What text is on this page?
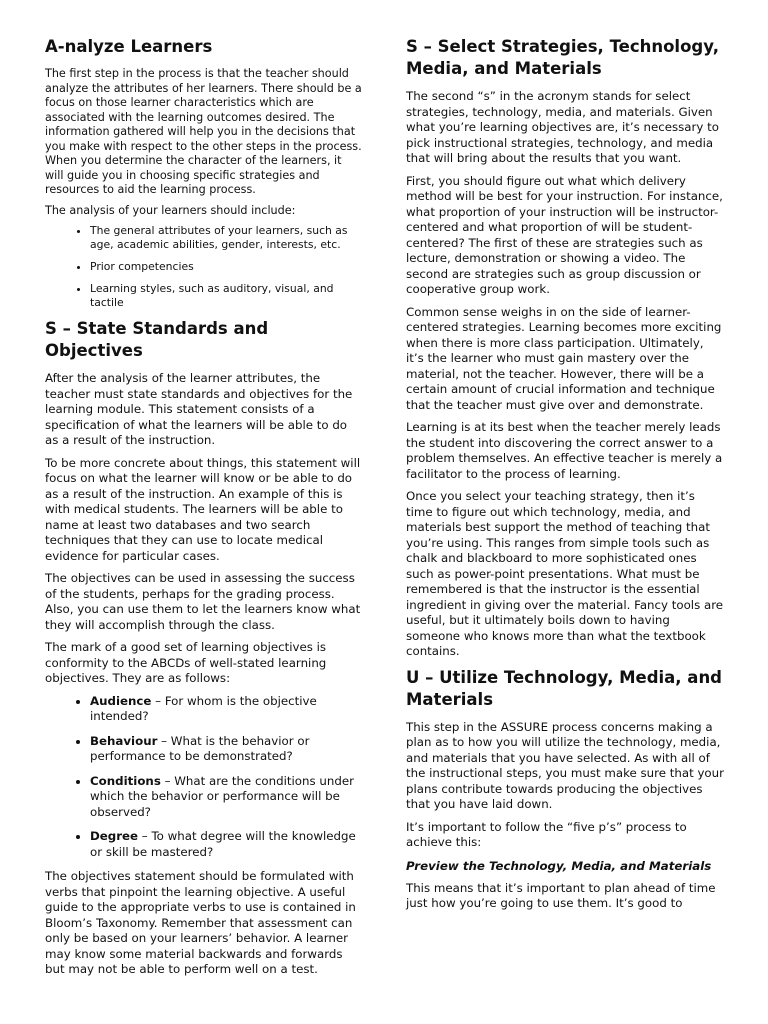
A-nalyze Learners

The first step in the process is that the teacher should analyze the attributes of her learners. There should be a focus on those learner characteristics which are associated with the learning outcomes desired. The information gathered will help you in the decisions that you make with respect to the other steps in the process. When you determine the character of the learners, it will guide you in choosing specific strategies and resources to aid the learning process.

The analysis of your learners should include:

• The general attributes of your learners, such as age, academic abilities, gender, interests, etc.
• Prior competencies
• Learning styles, such as auditory, visual, and tactile
S – State Standards and Objectives

After the analysis of the learner attributes, the teacher must state standards and objectives for the learning module. This statement consists of a specification of what the learners will be able to do as a result of the instruction.

To be more concrete about things, this statement will focus on what the learner will know or be able to do as a result of the instruction. An example of this is with medical students. The learners will be able to name at least two databases and two search techniques that they can use to locate medical evidence for particular cases.

The objectives can be used in assessing the success of the students, perhaps for the grading process. Also, you can use them to let the learners know what they will accomplish through the class.

The mark of a good set of learning objectives is conformity to the ABCDs of well-stated learning objectives. They are as follows:

• Audience – For whom is the objective intended?
• Behaviour – What is the behavior or performance to be demonstrated?
• Conditions – What are the conditions under which the behavior or performance will be observed?
• Degree – To what degree will the knowledge or skill be mastered?

The objectives statement should be formulated with verbs that pinpoint the learning objective. A useful guide to the appropriate verbs to use is contained in Bloom’s Taxonomy. Remember that assessment can only be based on your learners’ behavior. A learner may know some material backwards and forwards but may not be able to perform well on a test.

S – Select Strategies, Technology, Media, and Materials

The second “s” in the acronym stands for select strategies, technology, media, and materials. Given what you’re learning objectives are, it’s necessary to pick instructional strategies, technology, and media that will bring about the results that you want.

First, you should figure out what which delivery method will be best for your instruction. For instance, what proportion of your instruction will be instructor-centered and what proportion of will be student-centered? The first of these are strategies such as lecture, demonstration or showing a video. The second are strategies such as group discussion or cooperative group work.

Common sense weighs in on the side of learner-centered strategies. Learning becomes more exciting when there is more class participation. Ultimately, it’s the learner who must gain mastery over the material, not the teacher. However, there will be a certain amount of crucial information and technique that the teacher must give over and demonstrate.

Learning is at its best when the teacher merely leads the student into discovering the correct answer to a problem themselves. An effective teacher is merely a facilitator to the process of learning.

Once you select your teaching strategy, then it’s time to figure out which technology, media, and materials best support the method of teaching that you’re using. This ranges from simple tools such as chalk and blackboard to more sophisticated ones such as power-point presentations. What must be remembered is that the instructor is the essential ingredient in giving over the material. Fancy tools are useful, but it ultimately boils down to having someone who knows more than what the textbook contains.

U – Utilize Technology, Media, and Materials

This step in the ASSURE process concerns making a plan as to how you will utilize the technology, media, and materials that you have selected. As with all of the instructional steps, you must make sure that your plans contribute towards producing the objectives that you have laid down.

It’s important to follow the “five p’s” process to achieve this:

Preview the Technology, Media, and Materials

This means that it’s important to plan ahead of time just how you’re going to use them. It’s good to
